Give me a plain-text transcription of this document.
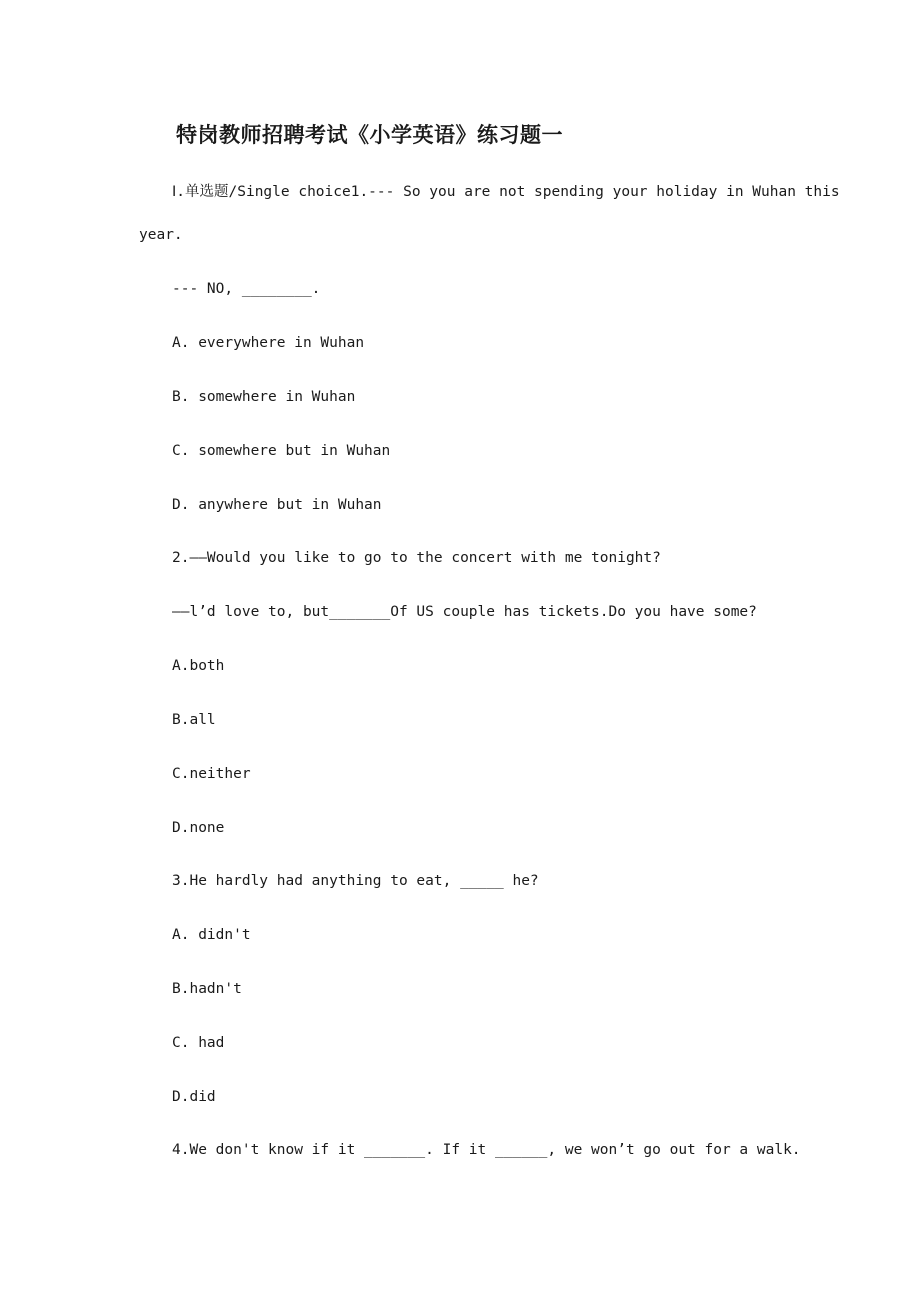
特岗教师招聘考试《小学英语》练习题一

Ⅰ.单选题/Single choice1.--- So you are not spending your holiday in Wuhan this

year.

--- NO, ________.

A. everywhere in Wuhan

B. somewhere in Wuhan

C. somewhere but in Wuhan

D. anywhere but in Wuhan

2.——Would you like to go to the concert with me tonight?

——l’d love to, but_______Of US couple has tickets.Do you have some?

A.both

B.all

C.neither

D.none

3.He hardly had anything to eat, _____ he?

A. didn't

B.hadn't

C. had

D.did

4.We don't know if it _______. If it ______, we won’t go out for a walk.
